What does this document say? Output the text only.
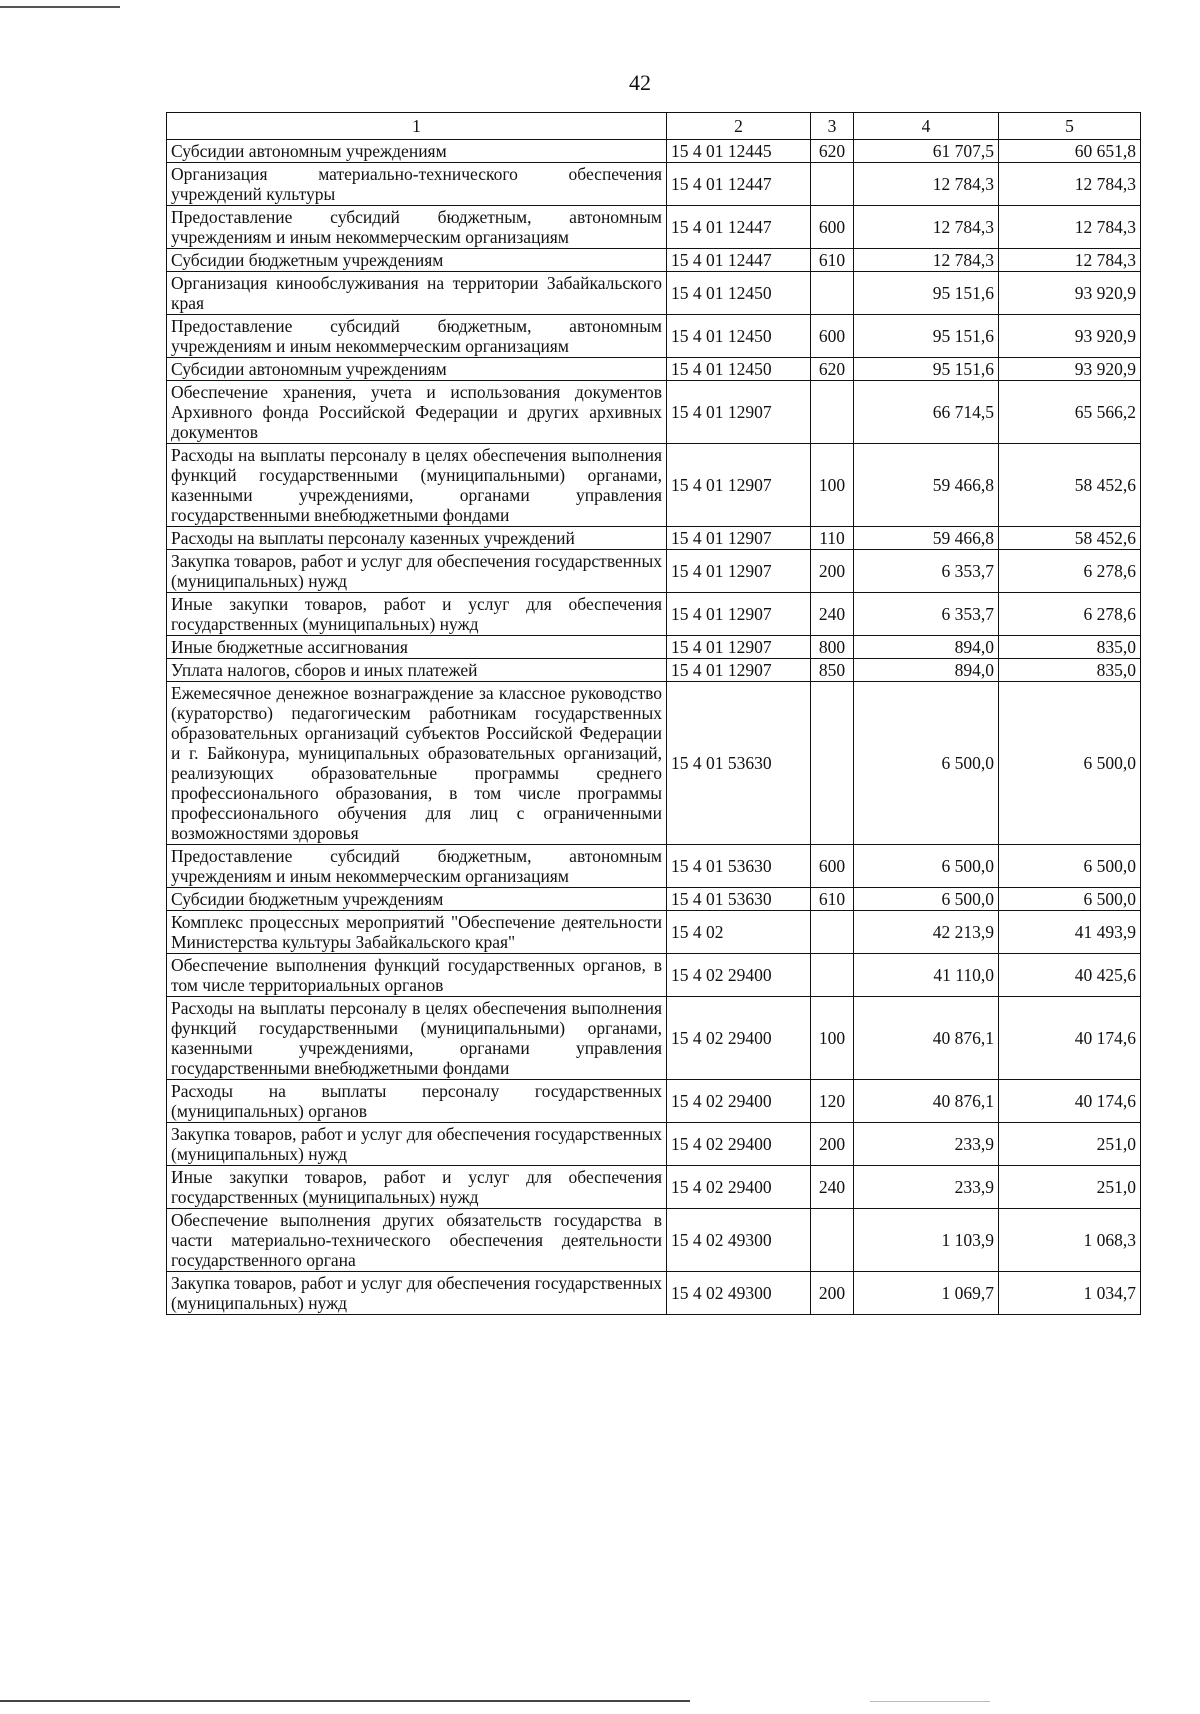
42
1	2	3	4	5
Субсидии автономным учреждениям	15 4 01 12445	620	61 707,5	60 651,8
Организация материально-технического обеспечения учреждений культуры	15 4 01 12447		12 784,3	12 784,3
Предоставление субсидий бюджетным, автономным учреждениям и иным некоммерческим организациям	15 4 01 12447	600	12 784,3	12 784,3
Субсидии бюджетным учреждениям	15 4 01 12447	610	12 784,3	12 784,3
Организация кинообслуживания на территории Забайкальского края	15 4 01 12450		95 151,6	93 920,9
Предоставление субсидий бюджетным, автономным учреждениям и иным некоммерческим организациям	15 4 01 12450	600	95 151,6	93 920,9
Субсидии автономным учреждениям	15 4 01 12450	620	95 151,6	93 920,9
Обеспечение хранения, учета и использования документов Архивного фонда Российской Федерации и других архивных документов	15 4 01 12907		66 714,5	65 566,2
Расходы на выплаты персоналу в целях обеспечения выполнения функций государственными (муниципальными) органами, казенными учреждениями, органами управления государственными внебюджетными фондами	15 4 01 12907	100	59 466,8	58 452,6
Расходы на выплаты персоналу казенных учреждений	15 4 01 12907	110	59 466,8	58 452,6
Закупка товаров, работ и услуг для обеспечения государственных (муниципальных) нужд	15 4 01 12907	200	6 353,7	6 278,6
Иные закупки товаров, работ и услуг для обеспечения государственных (муниципальных) нужд	15 4 01 12907	240	6 353,7	6 278,6
Иные бюджетные ассигнования	15 4 01 12907	800	894,0	835,0
Уплата налогов, сборов и иных платежей	15 4 01 12907	850	894,0	835,0
Ежемесячное денежное вознаграждение за классное руководство (кураторство) педагогическим работникам государственных образовательных организаций субъектов Российской Федерации и г. Байконура, муниципальных образовательных организаций, реализующих образовательные программы среднего профессионального образования, в том числе программы профессионального обучения для лиц с ограниченными возможностями здоровья	15 4 01 53630		6 500,0	6 500,0
Предоставление субсидий бюджетным, автономным учреждениям и иным некоммерческим организациям	15 4 01 53630	600	6 500,0	6 500,0
Субсидии бюджетным учреждениям	15 4 01 53630	610	6 500,0	6 500,0
Комплекс процессных мероприятий "Обеспечение деятельности Министерства культуры Забайкальского края"	15 4 02		42 213,9	41 493,9
Обеспечение выполнения функций государственных органов, в том числе территориальных органов	15 4 02 29400		41 110,0	40 425,6
Расходы на выплаты персоналу в целях обеспечения выполнения функций государственными (муниципальными) органами, казенными учреждениями, органами управления государственными внебюджетными фондами	15 4 02 29400	100	40 876,1	40 174,6
Расходы на выплаты персоналу государственных (муниципальных) органов	15 4 02 29400	120	40 876,1	40 174,6
Закупка товаров, работ и услуг для обеспечения государственных (муниципальных) нужд	15 4 02 29400	200	233,9	251,0
Иные закупки товаров, работ и услуг для обеспечения государственных (муниципальных) нужд	15 4 02 29400	240	233,9	251,0
Обеспечение выполнения других обязательств государства в части материально-технического обеспечения деятельности государственного органа	15 4 02 49300		1 103,9	1 068,3
Закупка товаров, работ и услуг для обеспечения государственных (муниципальных) нужд	15 4 02 49300	200	1 069,7	1 034,7
